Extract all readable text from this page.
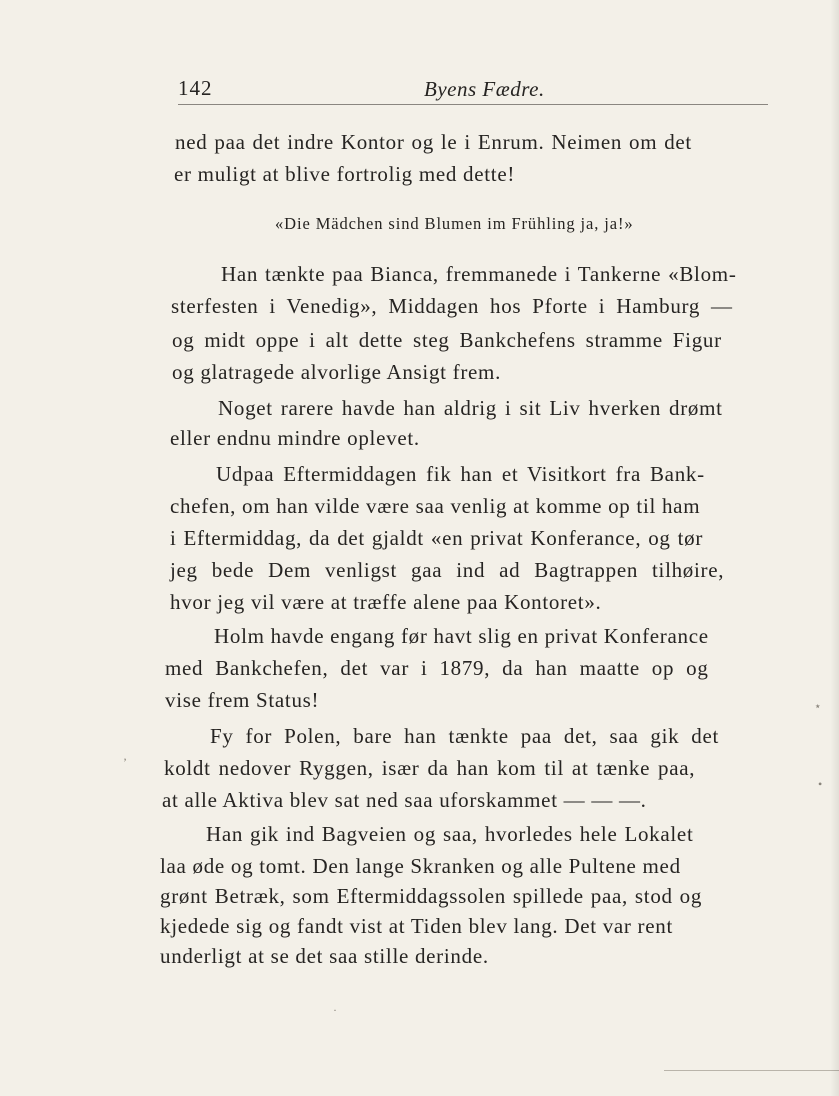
142	Byens Fædre.
ned paa det indre Kontor og le i Enrum. Neimen om det
er muligt at blive fortrolig med dette!
«Die Mädchen sind Blumen im Frühling ja, ja!»
Han tænkte paa Bianca, fremmanede i Tankerne «Blom-
sterfesten i Venedig», Middagen hos Pforte i Hamburg —
og midt oppe i alt dette steg Bankchefens stramme Figur
og glatragede alvorlige Ansigt frem.
Noget rarere havde han aldrig i sit Liv hverken drømt
eller endnu mindre oplevet.
Udpaa Eftermiddagen fik han et Visitkort fra Bank-
chefen, om han vilde være saa venlig at komme op til ham
i Eftermiddag, da det gjaldt «en privat Konferance, og tør
jeg bede Dem venligst gaa ind ad Bagtrappen tilhøire,
hvor jeg vil være at træffe alene paa Kontoret».
Holm havde engang før havt slig en privat Konferance
med Bankchefen, det var i 1879, da han maatte op og
vise frem Status!
Fy for Polen, bare han tænkte paa det, saa gik det
koldt nedover Ryggen, især da han kom til at tænke paa,
at alle Aktiva blev sat ned saa uforskammet — — —.
Han gik ind Bagveien og saa, hvorledes hele Lokalet
laa øde og tomt. Den lange Skranken og alle Pultene med
grønt Betræk, som Eftermiddagssolen spillede paa, stod og
kjedede sig og fandt vist at Tiden blev lang. Det var rent
underligt at se det saa stille derinde.
’
⋆
•
·
